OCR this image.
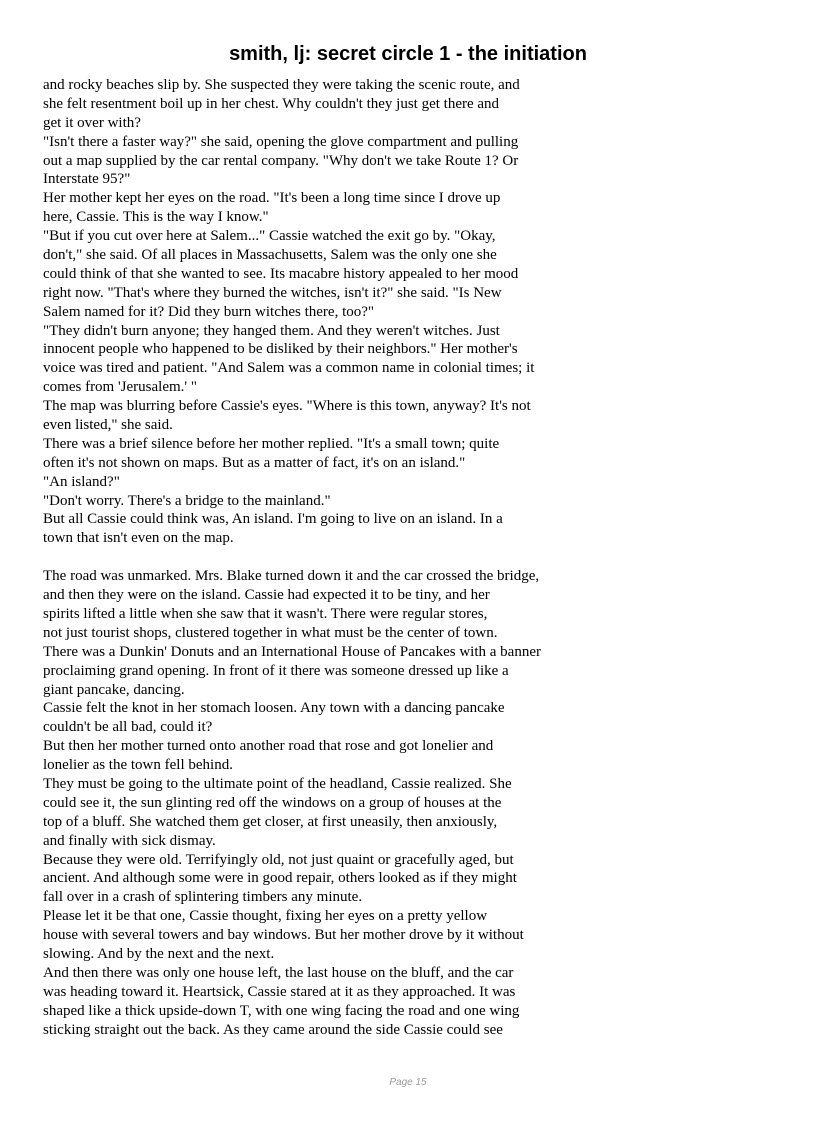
smith, lj: secret circle 1 - the initiation
and rocky beaches slip by. She suspected they were taking the scenic route, and
she felt resentment boil up in her chest. Why couldn't they just get there and
get it over with?
"Isn't there a faster way?" she said, opening the glove compartment and pulling
out a map supplied by the car rental company. "Why don't we take Route 1? Or
Interstate 95?"
Her mother kept her eyes on the road. "It's been a long time since I drove up
here, Cassie. This is the way I know."
"But if you cut over here at Salem..." Cassie watched the exit go by. "Okay,
don't," she said. Of all places in Massachusetts, Salem was the only one she
could think of that she wanted to see. Its macabre history appealed to her mood
right now. "That's where they burned the witches, isn't it?" she said. "Is New
Salem named for it? Did they burn witches there, too?"
"They didn't burn anyone; they hanged them. And they weren't witches. Just
innocent people who happened to be disliked by their neighbors." Her mother's
voice was tired and patient. "And Salem was a common name in colonial times; it
comes from 'Jerusalem.' "
The map was blurring before Cassie's eyes. "Where is this town, anyway? It's not
even listed," she said.
There was a brief silence before her mother replied. "It's a small town; quite
often it's not shown on maps. But as a matter of fact, it's on an island."
"An island?"
"Don't worry. There's a bridge to the mainland."
But all Cassie could think was, An island. I'm going to live on an island. In a
town that isn't even on the map.
The road was unmarked. Mrs. Blake turned down it and the car crossed the bridge,
and then they were on the island. Cassie had expected it to be tiny, and her
spirits lifted a little when she saw that it wasn't. There were regular stores,
not just tourist shops, clustered together in what must be the center of town.
There was a Dunkin' Donuts and an International House of Pancakes with a banner
proclaiming grand opening. In front of it there was someone dressed up like a
giant pancake, dancing.
Cassie felt the knot in her stomach loosen. Any town with a dancing pancake
couldn't be all bad, could it?
But then her mother turned onto another road that rose and got lonelier and
lonelier as the town fell behind.
They must be going to the ultimate point of the headland, Cassie realized. She
could see it, the sun glinting red off the windows on a group of houses at the
top of a bluff. She watched them get closer, at first uneasily, then anxiously,
and finally with sick dismay.
Because they were old. Terrifyingly old, not just quaint or gracefully aged, but
ancient. And although some were in good repair, others looked as if they might
fall over in a crash of splintering timbers any minute.
Please let it be that one, Cassie thought, fixing her eyes on a pretty yellow
house with several towers and bay windows. But her mother drove by it without
slowing. And by the next and the next.
And then there was only one house left, the last house on the bluff, and the car
was heading toward it. Heartsick, Cassie stared at it as they approached. It was
shaped like a thick upside-down T, with one wing facing the road and one wing
sticking straight out the back. As they came around the side Cassie could see
Page 15
